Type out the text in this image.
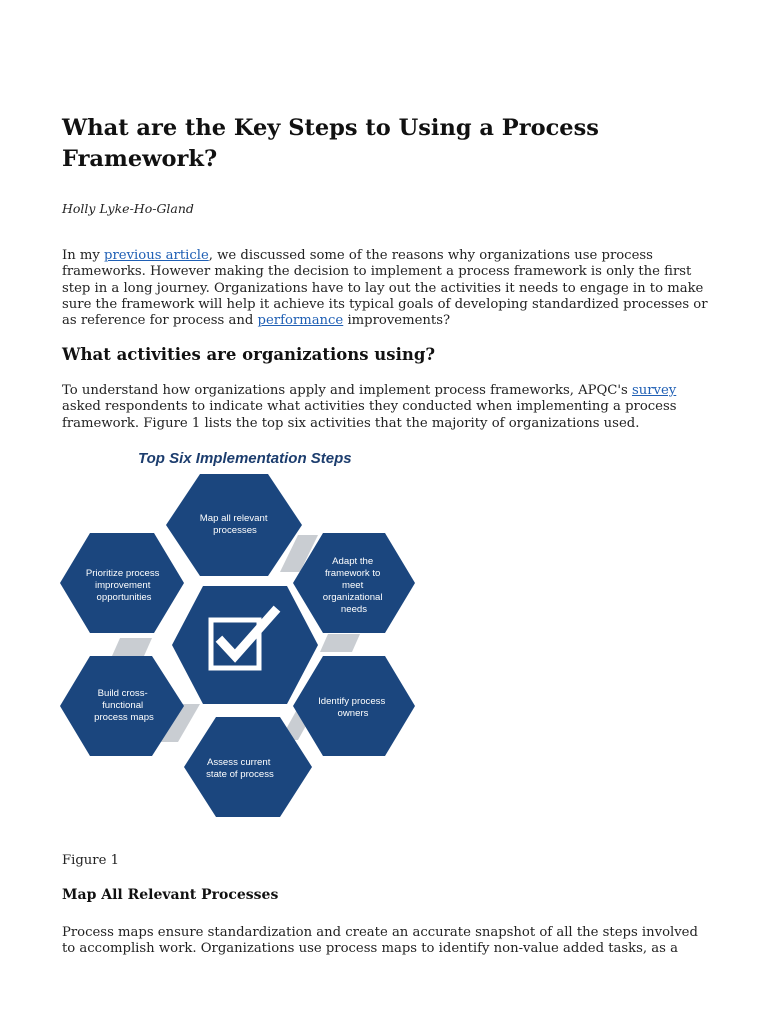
What are the Key Steps to Using a Process Framework?
Holly Lyke-Ho-Gland

In my previous article, we discussed some of the reasons why organizations use process frameworks. However making the decision to implement a process framework is only the first step in a long journey. Organizations have to lay out the activities it needs to engage in to make sure the framework will help it achieve its typical goals of developing standardized processes or as reference for process and performance improvements?

What activities are organizations using?

To understand how organizations apply and implement process frameworks, APQC's survey asked respondents to indicate what activities they conducted when implementing a process framework. Figure 1 lists the top six activities that the majority of organizations used.

Top Six Implementation Steps
Map all relevant processes
Adapt the framework to meet organizational needs
Identify process owners
Assess current state of process
Build cross- functional process maps
Prioritize process improvement opportunities
Figure 1
Map All Relevant Processes

Process maps ensure standardization and create an accurate snapshot of all the steps involved to accomplish work. Organizations use process maps to identify non-value added tasks, as a
